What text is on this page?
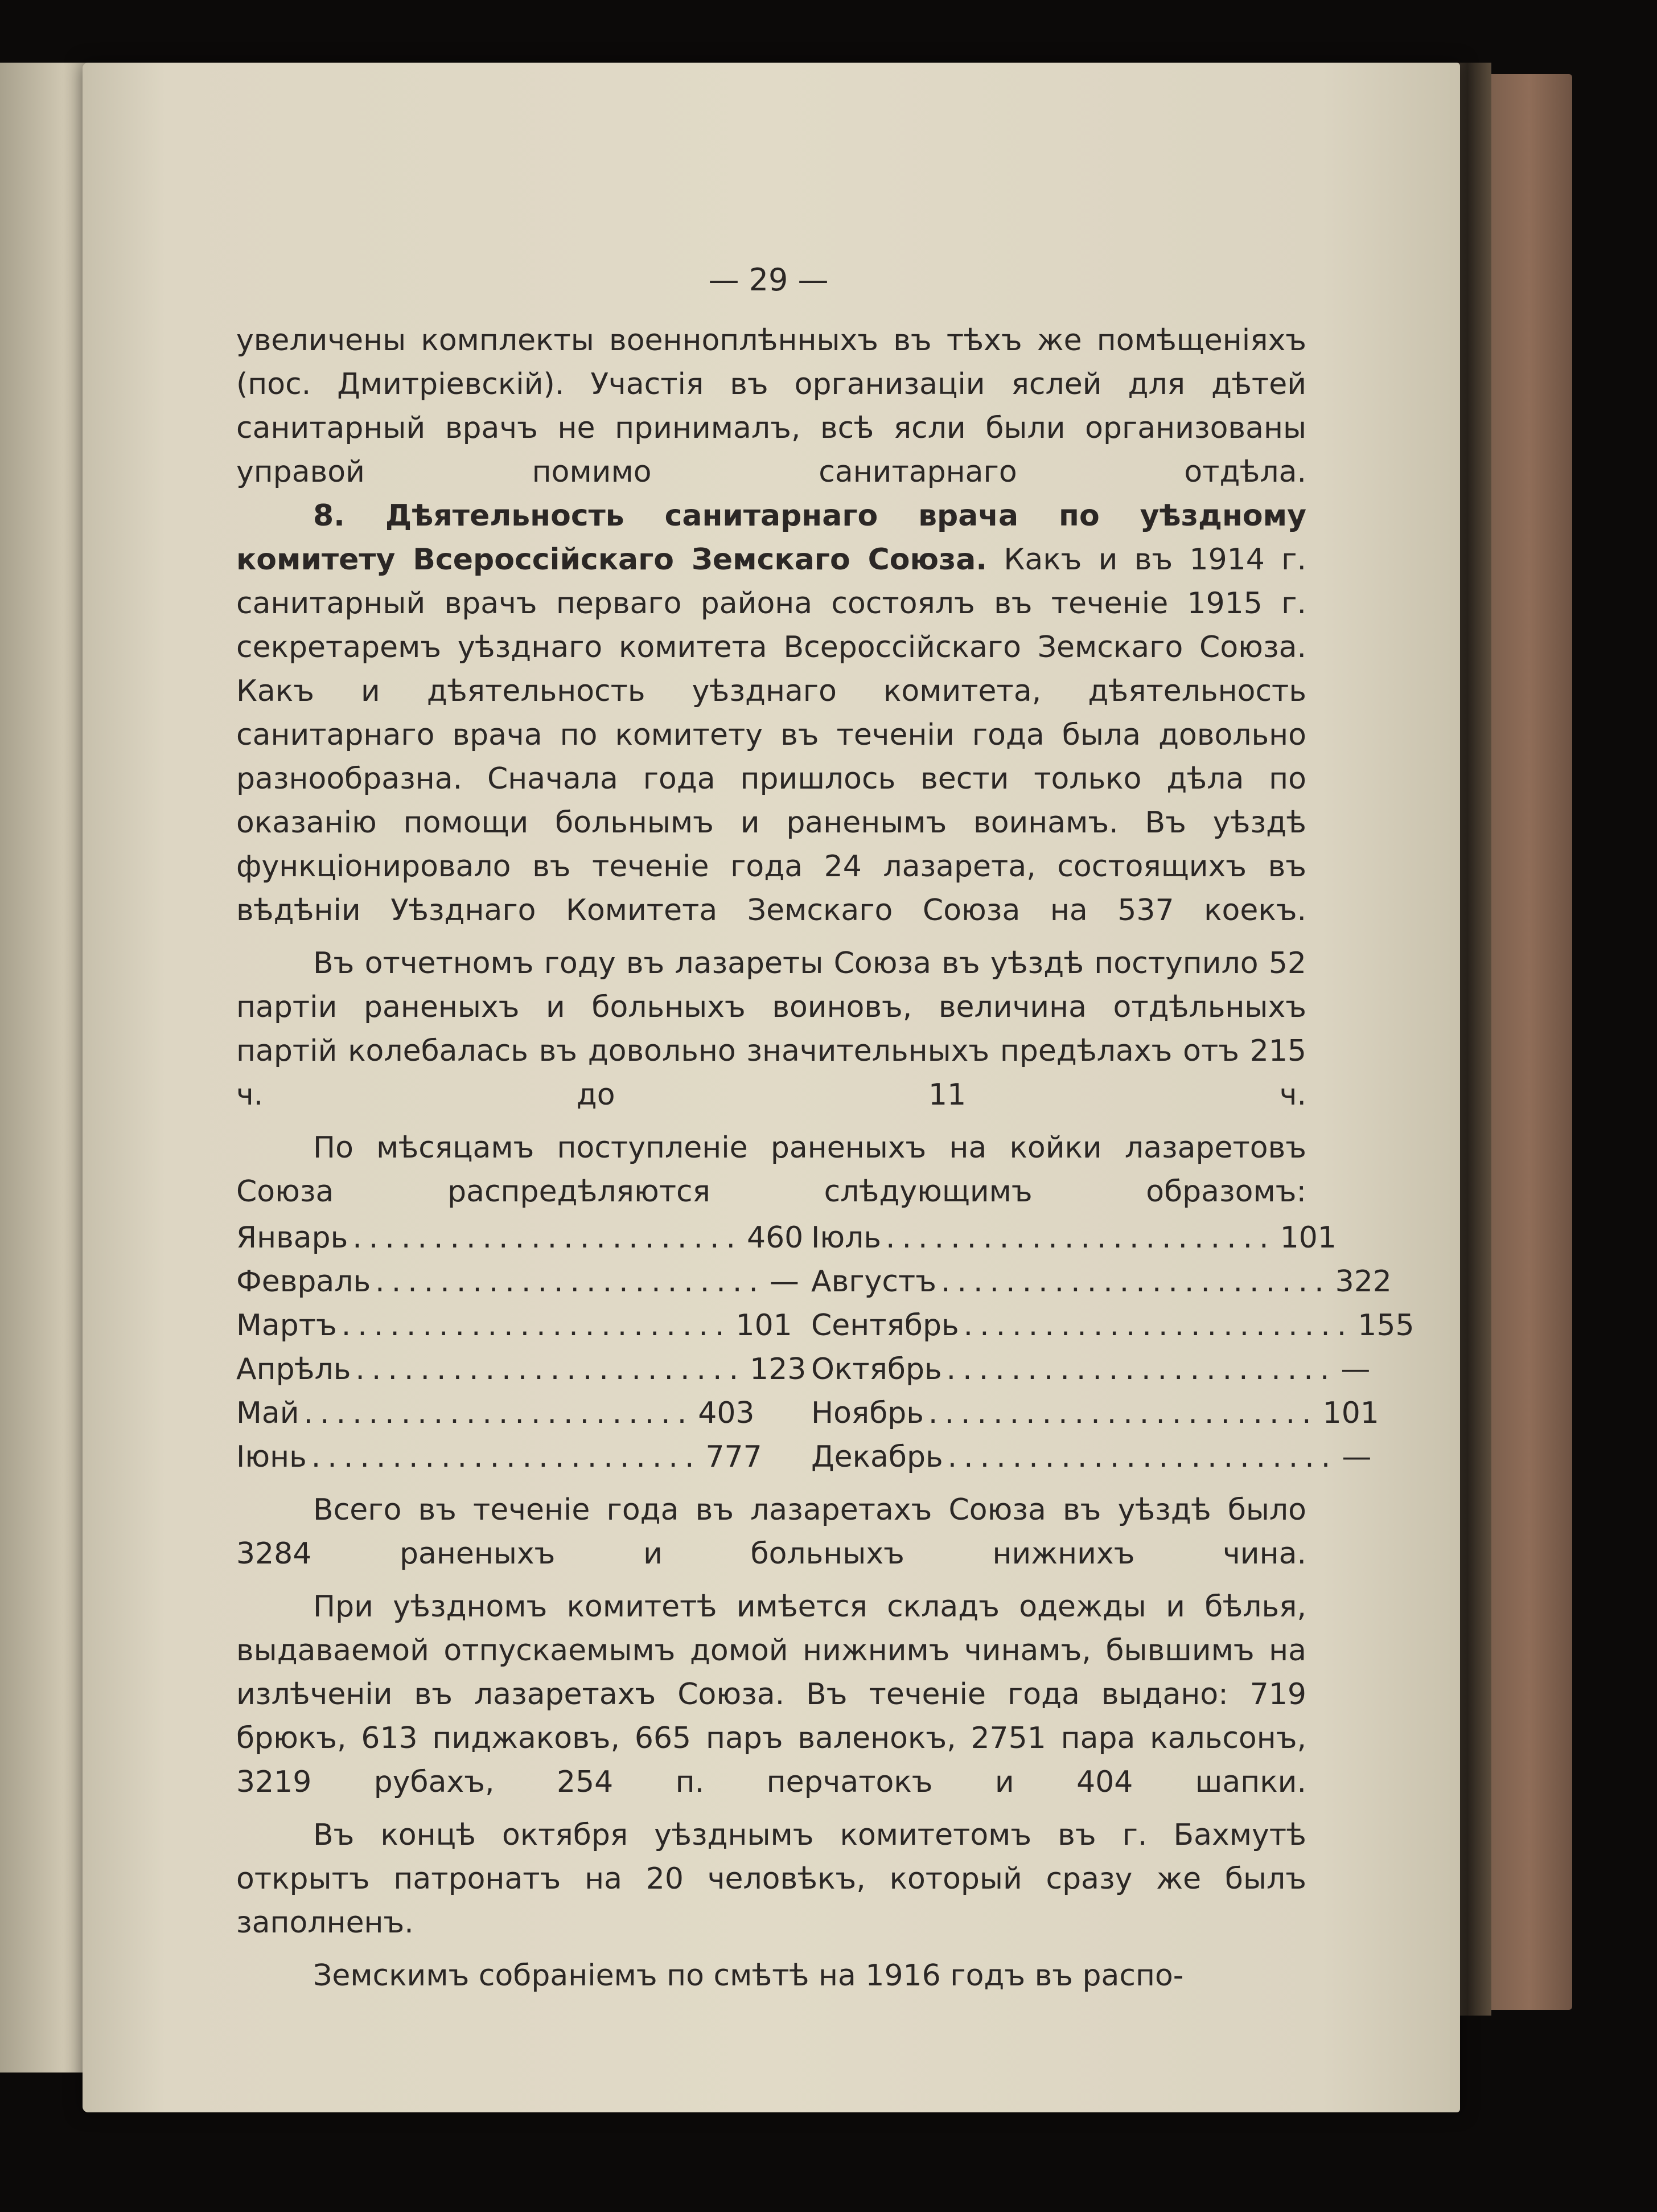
— 29 —

увеличены комплекты военноплѣнныхъ въ тѣхъ же помѣщеніяхъ (пос. Дмитріевскій). Участія въ организаціи яслей для дѣтей санитарный врачъ не принималъ, всѣ ясли были организованы управой помимо санитарнаго отдѣла.

8. Дѣятельность санитарнаго врача по уѣздному комитету Всероссійскаго Земскаго Союза. Какъ и въ 1914 г. санитарный врачъ перваго района состоялъ въ теченіе 1915 г. секретаремъ уѣзднаго комитета Всероссійскаго Земскаго Союза. Какъ и дѣятельность уѣзднаго комитета, дѣятельность санитарнаго врача по комитету въ теченіи года была довольно разнообразна. Сначала года пришлось вести только дѣла по оказанію помощи больнымъ и раненымъ воинамъ. Въ уѣздѣ функціонировало въ теченіе года 24 лазарета, состоящихъ въ вѣдѣніи Уѣзднаго Комитета Земскаго Союза на 537 коекъ.

Въ отчетномъ году въ лазареты Союза въ уѣздѣ поступило 52 партіи раненыхъ и больныхъ воиновъ, величина отдѣльныхъ партій колебалась въ довольно значительныхъ предѣлахъ отъ 215 ч. до 11 ч.

По мѣсяцамъ поступленіе раненыхъ на койки лазаретовъ Союза распредѣляются слѣдующимъ образомъ:

Январь ........................ 460
Февраль ........................ —
Мартъ ........................ 101
Апрѣль ........................ 123
Май ........................ 403
Іюнь ........................ 777
Іюль ........................ 101
Августъ ........................ 322
Сентябрь ........................ 155
Октябрь ........................ —
Ноябрь ........................ 101
Декабрь ........................ —

Всего въ теченіе года въ лазаретахъ Союза въ уѣздѣ было 3284 раненыхъ и больныхъ нижнихъ чина.

При уѣздномъ комитетѣ имѣется складъ одежды и бѣлья, выдаваемой отпускаемымъ домой нижнимъ чинамъ, бывшимъ на излѣченіи въ лазаретахъ Союза. Въ теченіе года выдано: 719 брюкъ, 613 пиджаковъ, 665 паръ валенокъ, 2751 пара кальсонъ, 3219 рубахъ, 254 п. перчатокъ и 404 шапки.

Въ концѣ октября уѣзднымъ комитетомъ въ г. Бахмутѣ открытъ патронатъ на 20 человѣкъ, который сразу же былъ заполненъ.

Земскимъ собраніемъ по смѣтѣ на 1916 годъ въ распо-
